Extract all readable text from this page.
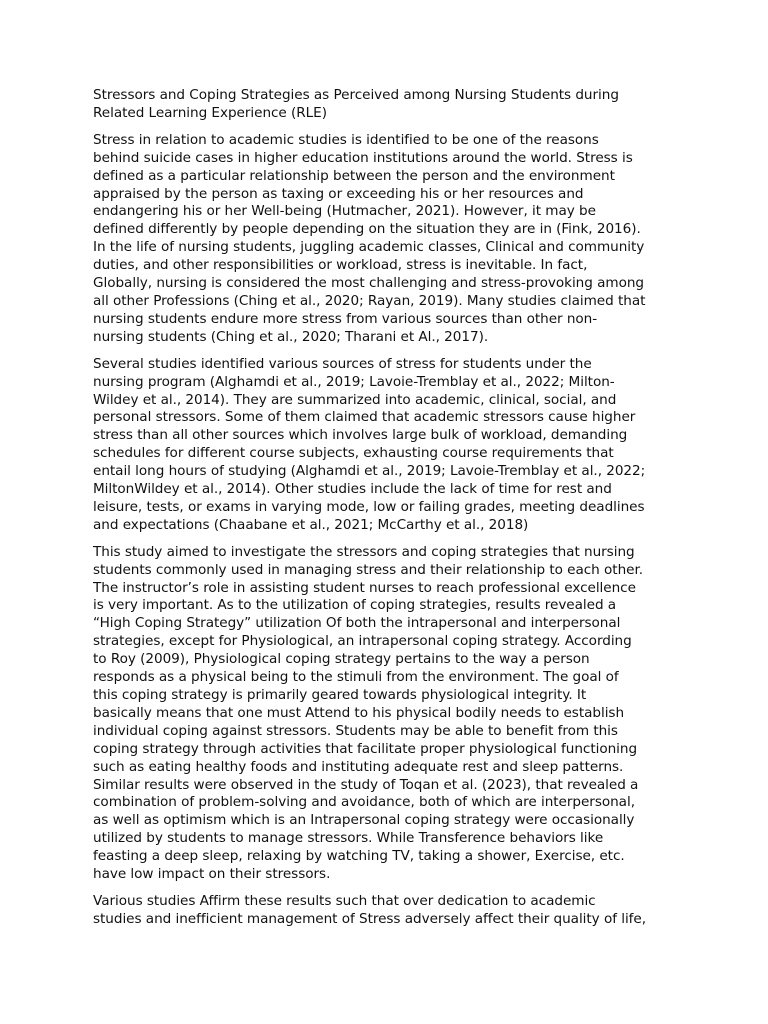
Stressors and Coping Strategies as Perceived among Nursing Students during
Related Learning Experience (RLE)

Stress in relation to academic studies is identified to be one of the reasons
behind suicide cases in higher education institutions around the world. Stress is
defined as a particular relationship between the person and the environment
appraised by the person as taxing or exceeding his or her resources and
endangering his or her Well-being (Hutmacher, 2021). However, it may be
defined differently by people depending on the situation they are in (Fink, 2016).
In the life of nursing students, juggling academic classes, Clinical and community
duties, and other responsibilities or workload, stress is inevitable. In fact,
Globally, nursing is considered the most challenging and stress-provoking among
all other Professions (Ching et al., 2020; Rayan, 2019). Many studies claimed that
nursing students endure more stress from various sources than other non-
nursing students (Ching et al., 2020; Tharani et Al., 2017).

Several studies identified various sources of stress for students under the
nursing program (Alghamdi et al., 2019; Lavoie-Tremblay et al., 2022; Milton-
Wildey et al., 2014). They are summarized into academic, clinical, social, and
personal stressors. Some of them claimed that academic stressors cause higher
stress than all other sources which involves large bulk of workload, demanding
schedules for different course subjects, exhausting course requirements that
entail long hours of studying (Alghamdi et al., 2019; Lavoie-Tremblay et al., 2022;
MiltonWildey et al., 2014). Other studies include the lack of time for rest and
leisure, tests, or exams in varying mode, low or failing grades, meeting deadlines
and expectations (Chaabane et al., 2021; McCarthy et al., 2018)

This study aimed to investigate the stressors and coping strategies that nursing
students commonly used in managing stress and their relationship to each other.
The instructor’s role in assisting student nurses to reach professional excellence
is very important. As to the utilization of coping strategies, results revealed a
“High Coping Strategy” utilization Of both the intrapersonal and interpersonal
strategies, except for Physiological, an intrapersonal coping strategy. According
to Roy (2009), Physiological coping strategy pertains to the way a person
responds as a physical being to the stimuli from the environment. The goal of
this coping strategy is primarily geared towards physiological integrity. It
basically means that one must Attend to his physical bodily needs to establish
individual coping against stressors. Students may be able to benefit from this
coping strategy through activities that facilitate proper physiological functioning
such as eating healthy foods and instituting adequate rest and sleep patterns.
Similar results were observed in the study of Toqan et al. (2023), that revealed a
combination of problem-solving and avoidance, both of which are interpersonal,
as well as optimism which is an Intrapersonal coping strategy were occasionally
utilized by students to manage stressors. While Transference behaviors like
feasting a deep sleep, relaxing by watching TV, taking a shower, Exercise, etc.
have low impact on their stressors.

Various studies Affirm these results such that over dedication to academic
studies and inefficient management of Stress adversely affect their quality of life,
